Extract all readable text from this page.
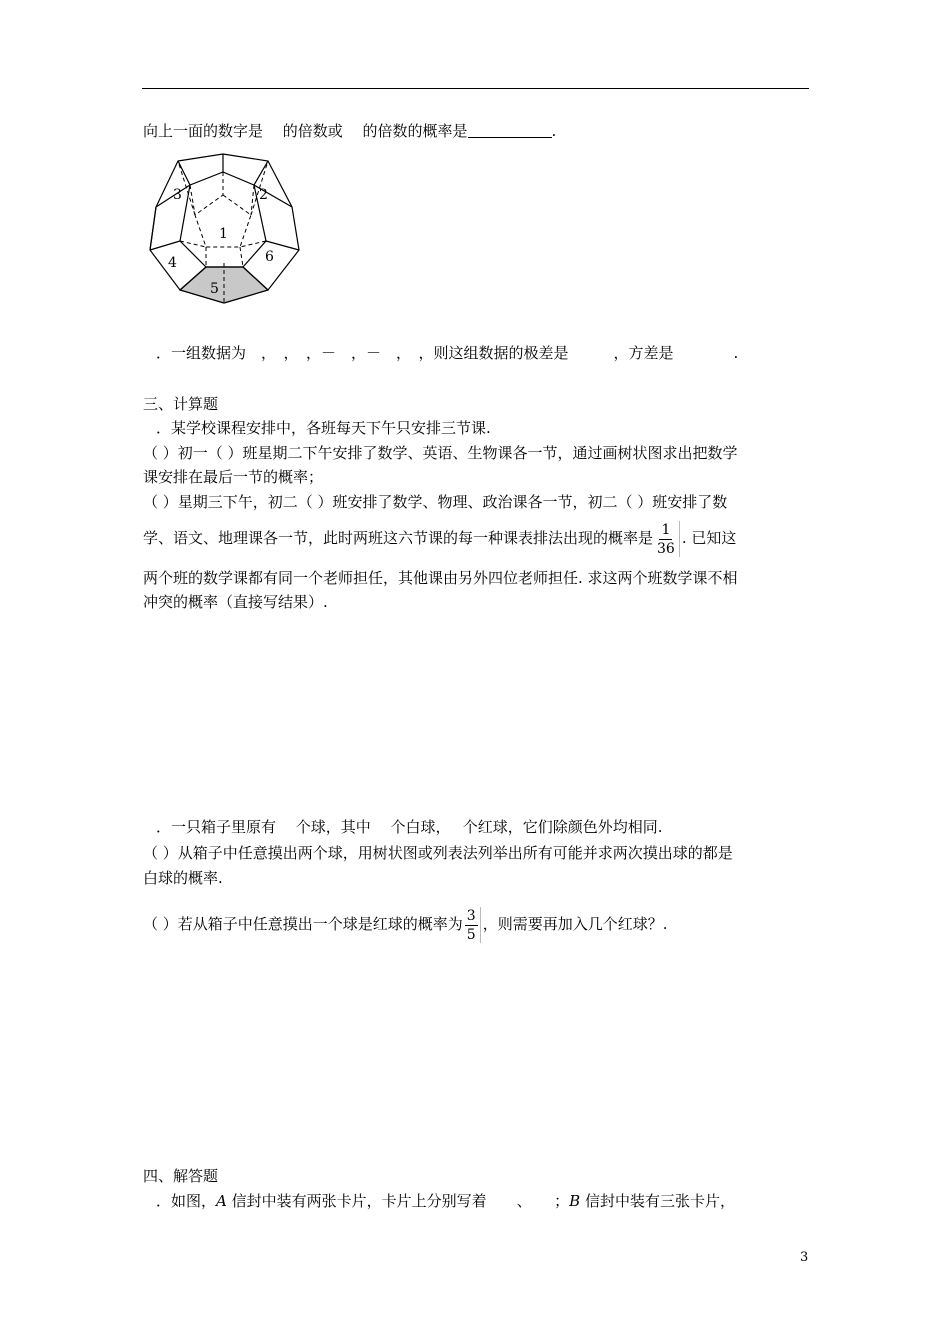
向上一面的数字是　 的倍数或　 的倍数的概率是	.
1
2
3
4
5
6
．一组数据为　，　，　，－　，－　，　，则这组数据的极差是　　　，方差是　　　　.
三、计算题
．某学校课程安排中，各班每天下午只安排三节课.
（ ）初一（ ）班星期二下午安排了数学、英语、生物课各一节，通过画树状图求出把数学
课安排在最后一节的概率；
（ ）星期三下午，初二（ ）班安排了数学、物理、政治课各一节，初二（ ）班安排了数
学、语文、地理课各一节，此时两班这六节课的每一种课表排法出现的概率是 $\frac{1}{36}$ . 已知这
两个班的数学课都有同一个老师担任，其他课由另外四位老师担任. 求这两个班数学课不相
冲突的概率（直接写结果）.
．一只箱子里原有　 个球，其中　 个白球，　 个红球，它们除颜色外均相同.
（ ）从箱子中任意摸出两个球，用树状图或列表法列举出所有可能并求两次摸出球的都是
白球的概率.
（ ）若从箱子中任意摸出一个球是红球的概率为 $\frac{3}{5}$ ，则需要再加入几个红球？.
四、解答题
．如图，A 信封中装有两张卡片，卡片上分别写着　　、　　；B 信封中装有三张卡片，
3
